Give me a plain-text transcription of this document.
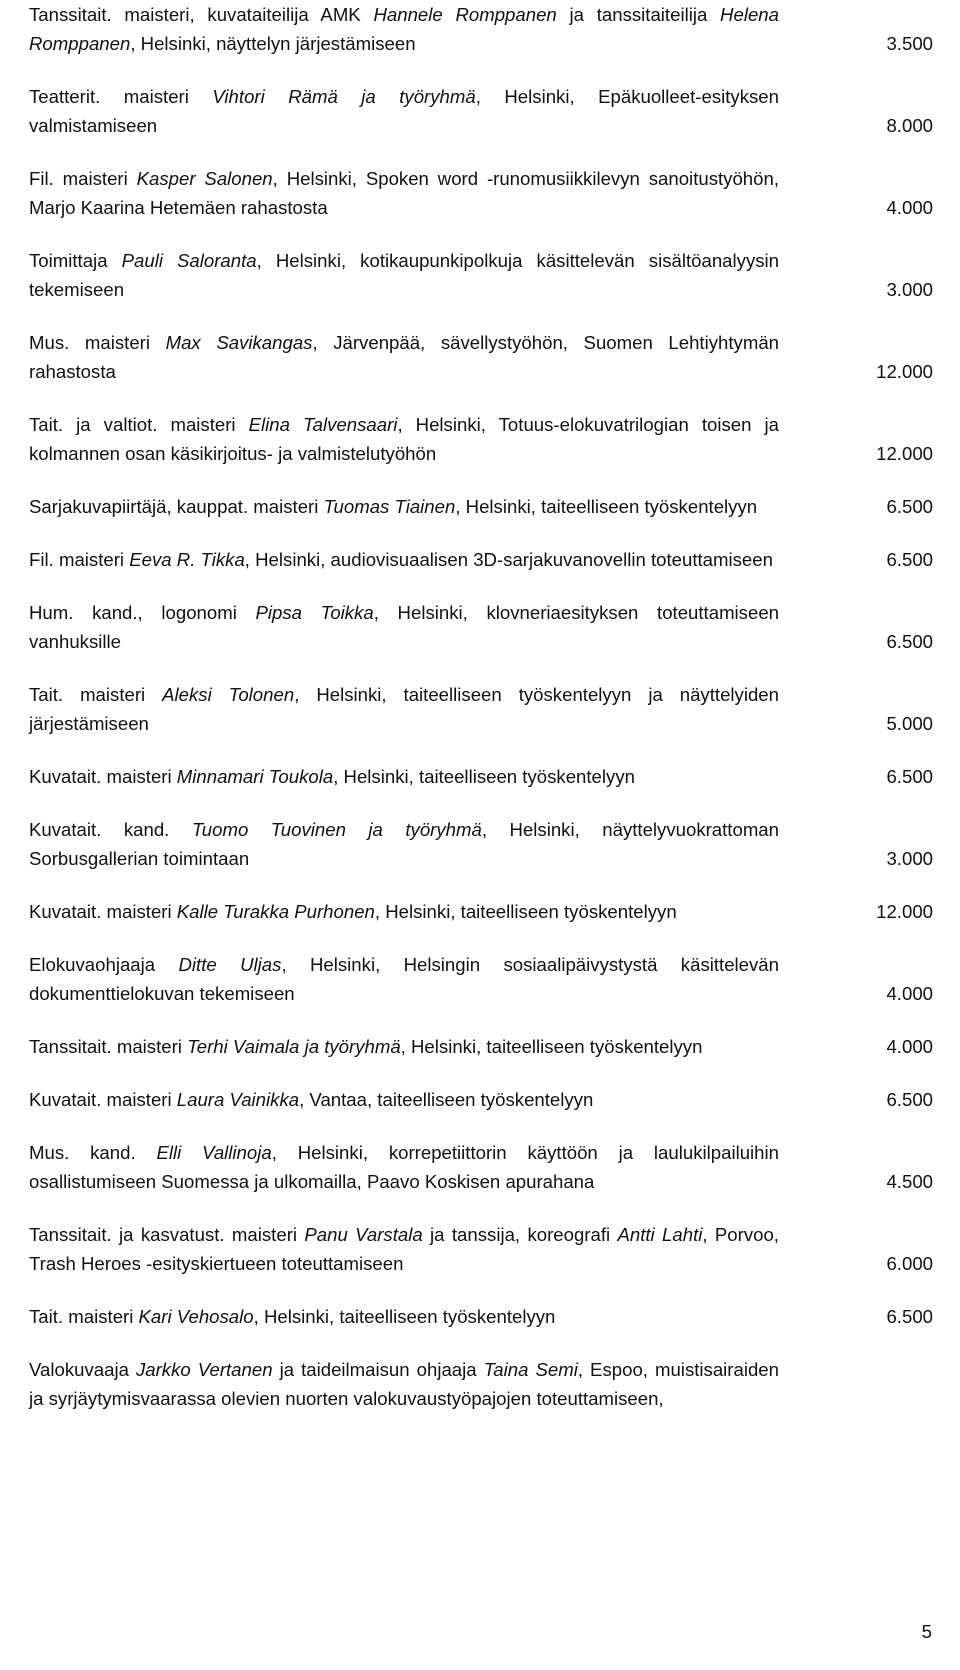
Tanssitait. maisteri, kuvataiteilija AMK Hannele Romppanen ja tanssitaiteilija Helena Romppanen, Helsinki, näyttelyn järjestämiseen	3.500
Teatterit. maisteri Vihtori Rämä ja työryhmä, Helsinki, Epäkuolleet-esityksen valmistamiseen	8.000
Fil. maisteri Kasper Salonen, Helsinki, Spoken word -runomusiikkilevyn sanoitustyöhön, Marjo Kaarina Hetemäen rahastosta	4.000
Toimittaja Pauli Saloranta, Helsinki, kotikaupunkipolkuja käsittelevän sisältöanalyysin tekemiseen	3.000
Mus. maisteri Max Savikangas, Järvenpää, sävellystyöhön, Suomen Lehtiyhtymän rahastosta	12.000
Tait. ja valtiot. maisteri Elina Talvensaari, Helsinki, Totuus-elokuvatrilogian toisen ja kolmannen osan käsikirjoitus- ja valmistelutyöhön	12.000
Sarjakuvapiirtäjä, kauppat. maisteri Tuomas Tiainen, Helsinki, taiteelliseen työskentelyyn	6.500
Fil. maisteri Eeva R. Tikka, Helsinki, audiovisuaalisen 3D-sarjakuvanovellin toteuttamiseen	6.500
Hum. kand., logonomi Pipsa Toikka, Helsinki, klovneriaesityksen toteuttamiseen vanhuksille	6.500
Tait. maisteri Aleksi Tolonen, Helsinki, taiteelliseen työskentelyyn ja näyttelyiden järjestämiseen	5.000
Kuvatait. maisteri Minnamari Toukola, Helsinki, taiteelliseen työskentelyyn	6.500
Kuvatait. kand. Tuomo Tuovinen ja työryhmä, Helsinki, näyttelyvuokrattoman Sorbusgallerian toimintaan	3.000
Kuvatait. maisteri Kalle Turakka Purhonen, Helsinki, taiteelliseen työskentelyyn	12.000
Elokuvaohjaaja Ditte Uljas, Helsinki, Helsingin sosiaalipäivystystä käsittelevän dokumenttielokuvan tekemiseen	4.000
Tanssitait. maisteri Terhi Vaimala ja työryhmä, Helsinki, taiteelliseen työskentelyyn	4.000
Kuvatait. maisteri Laura Vainikka, Vantaa, taiteelliseen työskentelyyn	6.500
Mus. kand. Elli Vallinoja, Helsinki, korrepetiittorin käyttöön ja laulukilpailuihin osallistumiseen Suomessa ja ulkomailla, Paavo Koskisen apurahana	4.500
Tanssitait. ja kasvatust. maisteri Panu Varstala ja tanssija, koreografi Antti Lahti, Porvoo, Trash Heroes -esityskiertueen toteuttamiseen	6.000
Tait. maisteri Kari Vehosalo, Helsinki, taiteelliseen työskentelyyn	6.500
Valokuvaaja Jarkko Vertanen ja taideilmaisun ohjaaja Taina Semi, Espoo, muistisairaiden ja syrjäytymisvaarassa olevien nuorten valokuvaustyöpajojen toteuttamiseen,
5
